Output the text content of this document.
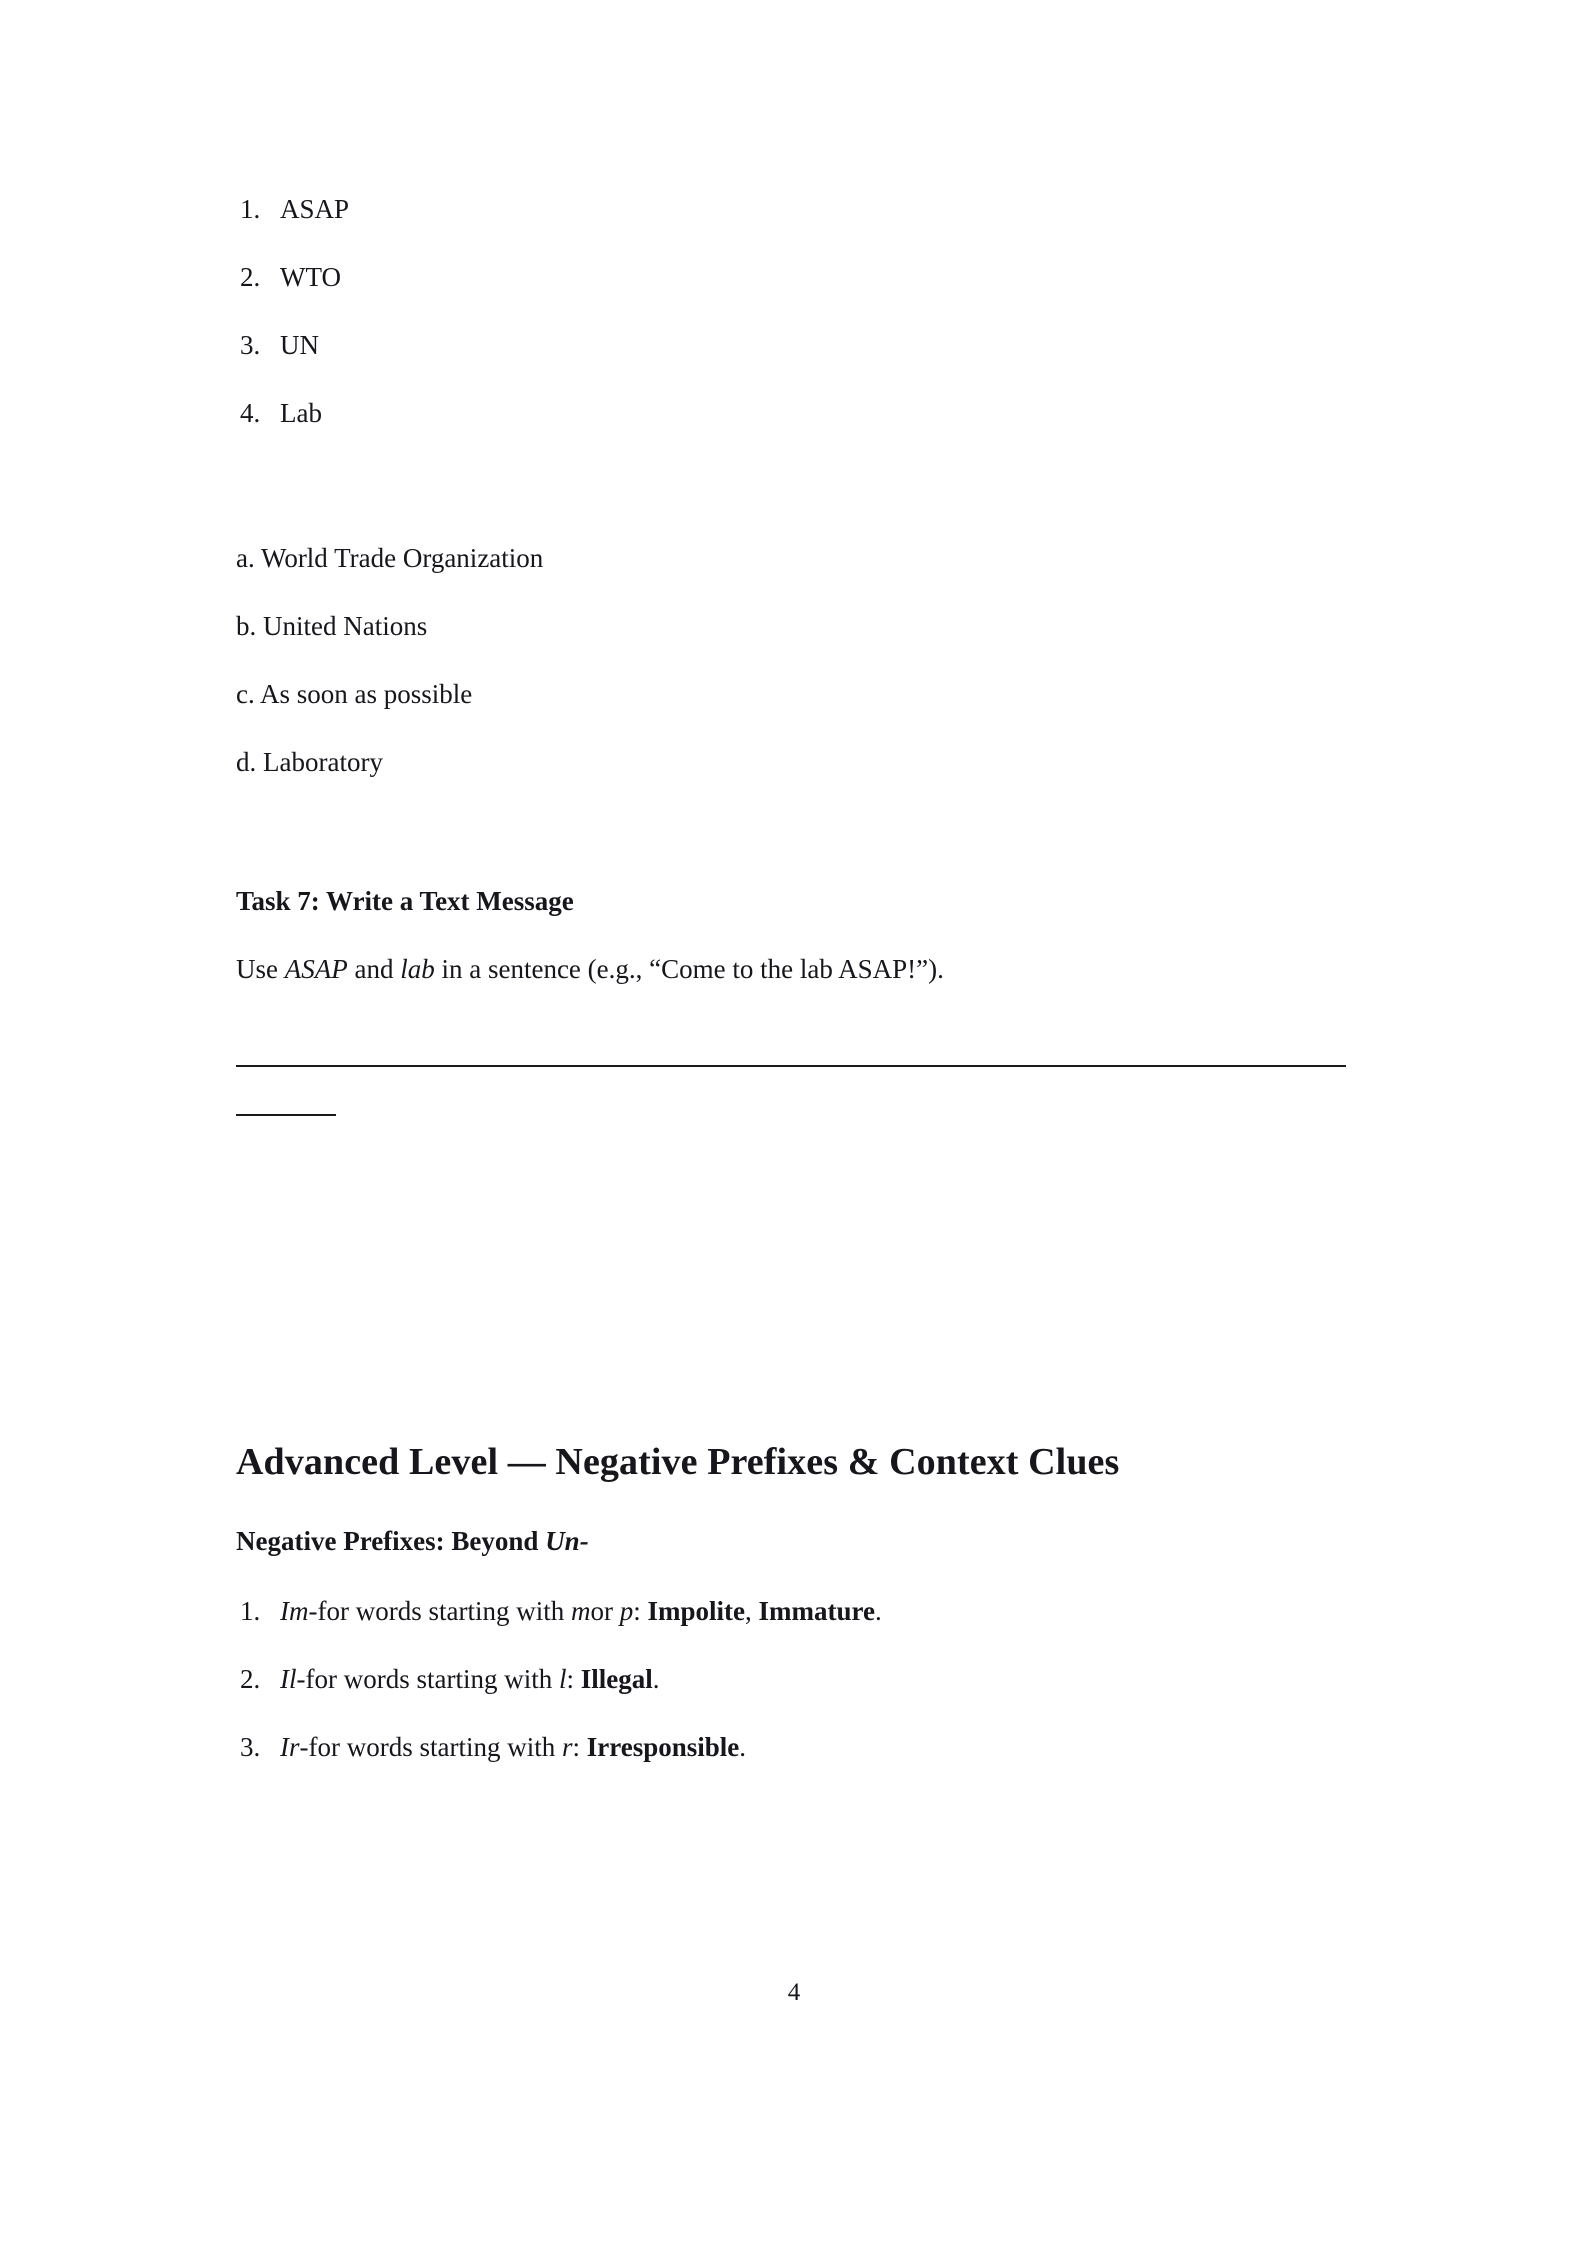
1. ASAP
2. WTO
3. UN
4. Lab

a. World Trade Organization

b. United Nations

c. As soon as possible

d. Laboratory

Task 7: Write a Text Message

Use ASAP and lab in a sentence (e.g., “Come to the lab ASAP!”).

Advanced Level — Negative Prefixes & Context Clues

Negative Prefixes: Beyond Un-

1. Im-for words starting with mor p: Impolite, Immature.
2. Il-for words starting with l: Illegal.
3. Ir-for words starting with r: Irresponsible.
4
